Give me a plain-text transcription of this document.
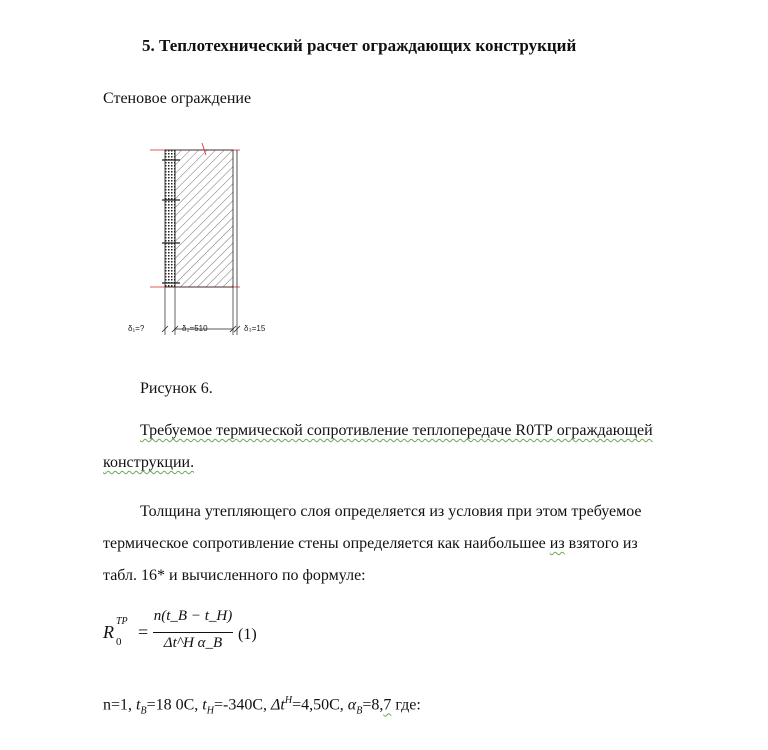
5. Теплотехнический расчет ограждающих конструкций
Стеновое ограждение
δ₁=?	δ₂=510	δ₃=15
Рисунок 6.
Требуемое термической сопротивление теплопередаче R0ТР ограждающей
конструкции.
Толщина утепляющего слоя определяется из условия при этом требуемое
термическое сопротивление стены определяется как наибольшее из взятого из
табл. 16* и вычисленного по формуле:
R
TP
0 =
n(t_B − t_H)
Δt^H α_B (1)
n=1, $t_B=18$ 0С, $t_H=-340С$, $\Delta t^H=4,50С$, $\alpha_B=8,7$ где:
